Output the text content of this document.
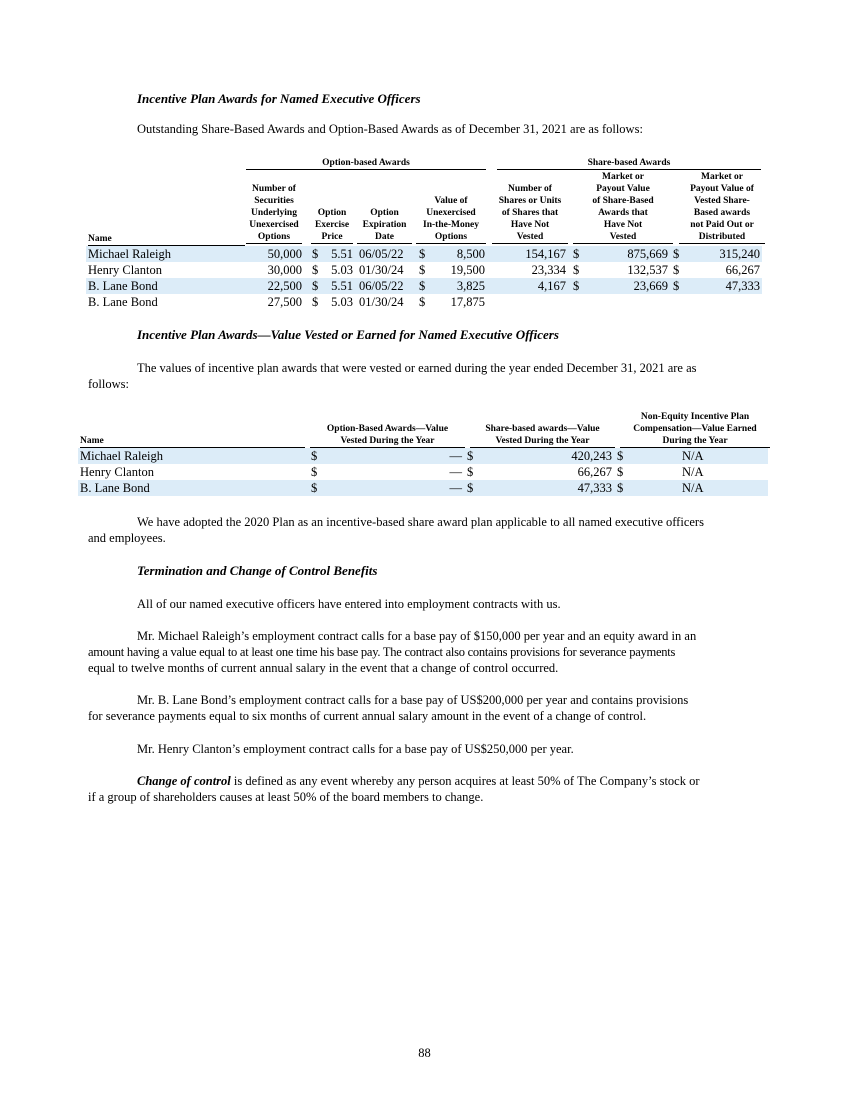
Incentive Plan Awards for Named Executive Officers
Outstanding Share-Based Awards and Option-Based Awards as of December 31, 2021 are as follows:
Option-based Awards	Share-based Awards
Name
Number of
Securities
Underlying
Unexercised
Options
Option
Exercise
Price
Option
Expiration
Date
Value of
Unexercised
In-the-Money
Options
Number of
Shares or Units
of Shares that
Have Not
Vested
Market or
Payout Value
of Share-Based
Awards that
Have Not
Vested
Market or
Payout Value of
Vested Share-
Based awards
not Paid Out or
Distributed
Michael Raleigh	50,000 $	5.51 06/05/22 $	8,500	154,167 $	875,669 $	315,240
Henry Clanton	30,000 $	5.03 01/30/24 $	19,500	23,334 $	132,537 $	66,267
B. Lane Bond	22,500 $	5.51 06/05/22 $	3,825	4,167 $	23,669 $	47,333
B. Lane Bond	27,500 $	5.03 01/30/24 $	17,875
Incentive Plan Awards—Value Vested or Earned for Named Executive Officers
The values of incentive plan awards that were vested or earned during the year ended December 31, 2021 are as
follows:
Name
Option-Based Awards—Value
Vested During the Year
Share-based awards—Value
Vested During the Year
Non-Equity Incentive Plan
Compensation—Value Earned
During the Year
Michael Raleigh	$	— $	420,243 $	N/A
Henry Clanton	$	— $	66,267 $	N/A
B. Lane Bond	$	— $	47,333 $	N/A
We have adopted the 2020 Plan as an incentive-based share award plan applicable to all named executive officers
and employees.
Termination and Change of Control Benefits
All of our named executive officers have entered into employment contracts with us.
Mr. Michael Raleigh’s employment contract calls for a base pay of $150,000 per year and an equity award in an
amount having a value equal to at least one time his base pay. The contract also contains provisions for severance payments
equal to twelve months of current annual salary in the event that a change of control occurred.
Mr. B. Lane Bond’s employment contract calls for a base pay of US$200,000 per year and contains provisions
for severance payments equal to six months of current annual salary amount in the event of a change of control.
Mr. Henry Clanton’s employment contract calls for a base pay of US$250,000 per year.
Change of control is defined as any event whereby any person acquires at least 50% of The Company’s stock or
if a group of shareholders causes at least 50% of the board members to change.
88
